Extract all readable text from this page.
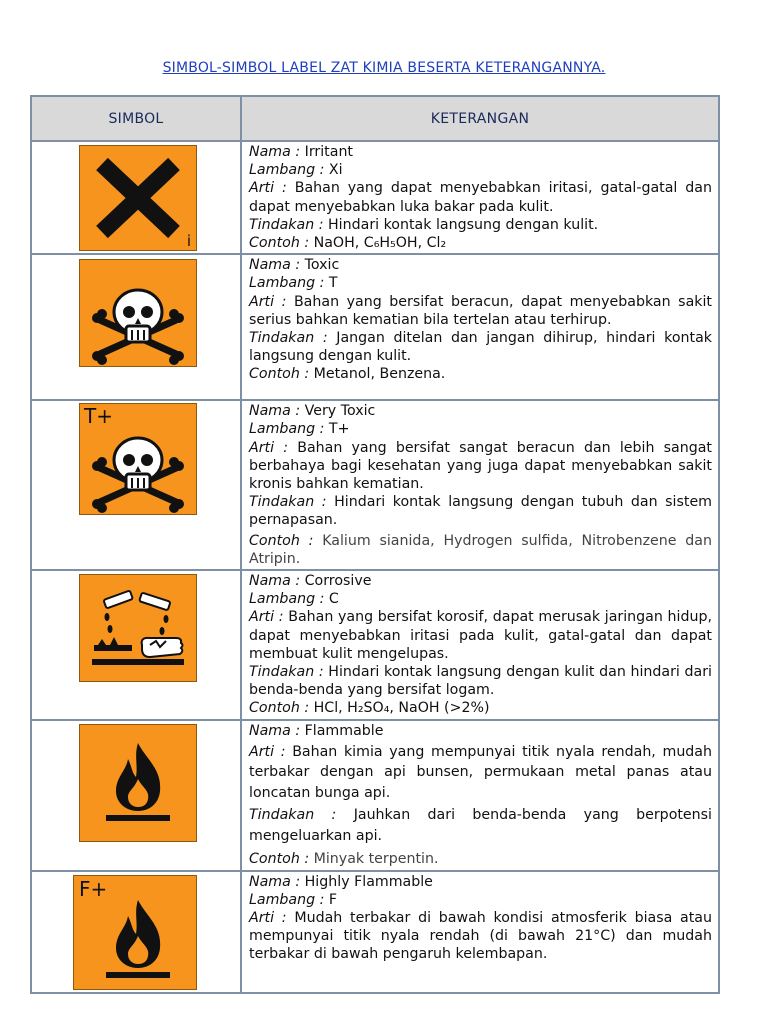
SIMBOL-SIMBOL LABEL ZAT KIMIA BESERTA KETERANGANNYA.
SIMBOL	KETERANGAN

i	Nama : Irritant

Lambang : Xi

Arti : Bahan yang dapat menyebabkan iritasi, gatal-gatal dan dapat menyebabkan luka bakar pada kulit.

Tindakan : Hindari kontak langsung dengan kulit.

Contoh : NaOH, C₆H₅OH, Cl₂

Nama : Toxic

Lambang : T

Arti : Bahan yang bersifat beracun, dapat menyebabkan sakit serius bahkan kematian bila tertelan atau terhirup.

Tindakan : Jangan ditelan dan jangan dihirup, hindari kontak langsung dengan kulit.

Contoh : Metanol, Benzena.

T+	Nama : Very Toxic

Lambang : T+

Arti : Bahan yang bersifat sangat beracun dan lebih sangat berbahaya bagi kesehatan yang juga dapat menyebabkan sakit kronis bahkan kematian.

Tindakan : Hindari kontak langsung dengan tubuh dan sistem pernapasan.

Contoh : Kalium sianida, Hydrogen sulfida, Nitrobenzene dan Atripin.

Nama : Corrosive

Lambang : C

Arti : Bahan yang bersifat korosif, dapat merusak jaringan hidup, dapat menyebabkan iritasi pada kulit, gatal-gatal dan dapat membuat kulit mengelupas.

Tindakan : Hindari kontak langsung dengan kulit dan hindari dari benda-benda yang bersifat logam.

Contoh : HCl, H₂SO₄, NaOH (>2%)

Nama : Flammable

Arti : Bahan kimia yang mempunyai titik nyala rendah, mudah terbakar dengan api bunsen, permukaan metal panas atau loncatan bunga api.

Tindakan : Jauhkan dari benda-benda yang berpotensi mengeluarkan api.

Contoh : Minyak terpentin.

F+	Nama : Highly Flammable

Lambang : F

Arti : Mudah terbakar di bawah kondisi atmosferik biasa atau mempunyai titik nyala rendah (di bawah 21°C) dan mudah terbakar di bawah pengaruh kelembapan.
